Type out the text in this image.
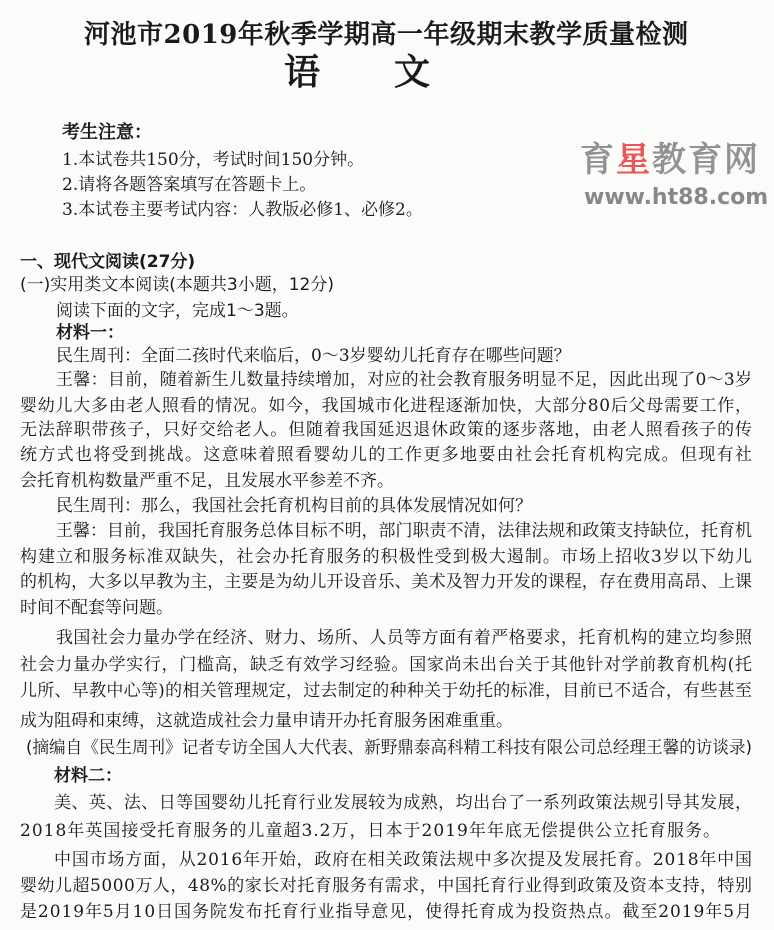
河池市2019年秋季学期高一年级期末教学质量检测
语文
考生注意：
1.本试卷共150分，考试时间150分钟。
2.请将各题答案填写在答题卡上。
3.本试卷主要考试内容：人教版必修1、必修2。
一、现代文阅读(27分)
(一)实用类文本阅读(本题共3小题，12分)
阅读下面的文字，完成1～3题。
材料一：
民生周刊：全面二孩时代来临后，0～3岁婴幼儿托育存在哪些问题？
王馨：目前，随着新生儿数量持续增加，对应的社会教育服务明显不足，因此出现了0～3岁
婴幼儿大多由老人照看的情况。如今，我国城市化进程逐渐加快，大部分80后父母需要工作，
无法辞职带孩子，只好交给老人。但随着我国延迟退休政策的逐步落地，由老人照看孩子的传
统方式也将受到挑战。这意味着照看婴幼儿的工作更多地要由社会托育机构完成。但现有社
会托育机构数量严重不足，且发展水平参差不齐。
民生周刊：那么，我国社会托育机构目前的具体发展情况如何？
王馨：目前，我国托育服务总体目标不明，部门职责不清，法律法规和政策支持缺位，托育机
构建立和服务标准双缺失，社会办托育服务的积极性受到极大遏制。市场上招收3岁以下幼儿
的机构，大多以早教为主，主要是为幼儿开设音乐、美术及智力开发的课程，存在费用高昂、上课
时间不配套等问题。
我国社会力量办学在经济、财力、场所、人员等方面有着严格要求，托育机构的建立均参照
社会力量办学实行，门槛高，缺乏有效学习经验。国家尚未出台关于其他针对学前教育机构(托
儿所、早教中心等)的相关管理规定，过去制定的种种关于幼托的标准，目前已不适合，有些甚至
成为阻碍和束缚，这就造成社会力量申请开办托育服务困难重重。
(摘编自《民生周刊》记者专访全国人大代表、新野鼎泰高科精工科技有限公司总经理王馨的访谈录)
材料二：
美、英、法、日等国婴幼儿托育行业发展较为成熟，均出台了一系列政策法规引导其发展，
2018年英国接受托育服务的儿童超3.2万，日本于2019年年底无偿提供公立托育服务。
中国市场方面，从2016年开始，政府在相关政策法规中多次提及发展托育。2018年中国
婴幼儿超5000万人，48%的家长对托育服务有需求，中国托育行业得到政策及资本支持，特别
是2019年5月10日国务院发布托育行业指导意见，使得托育成为投资热点。截至2019年5月
育星教育网
www.ht88.com
